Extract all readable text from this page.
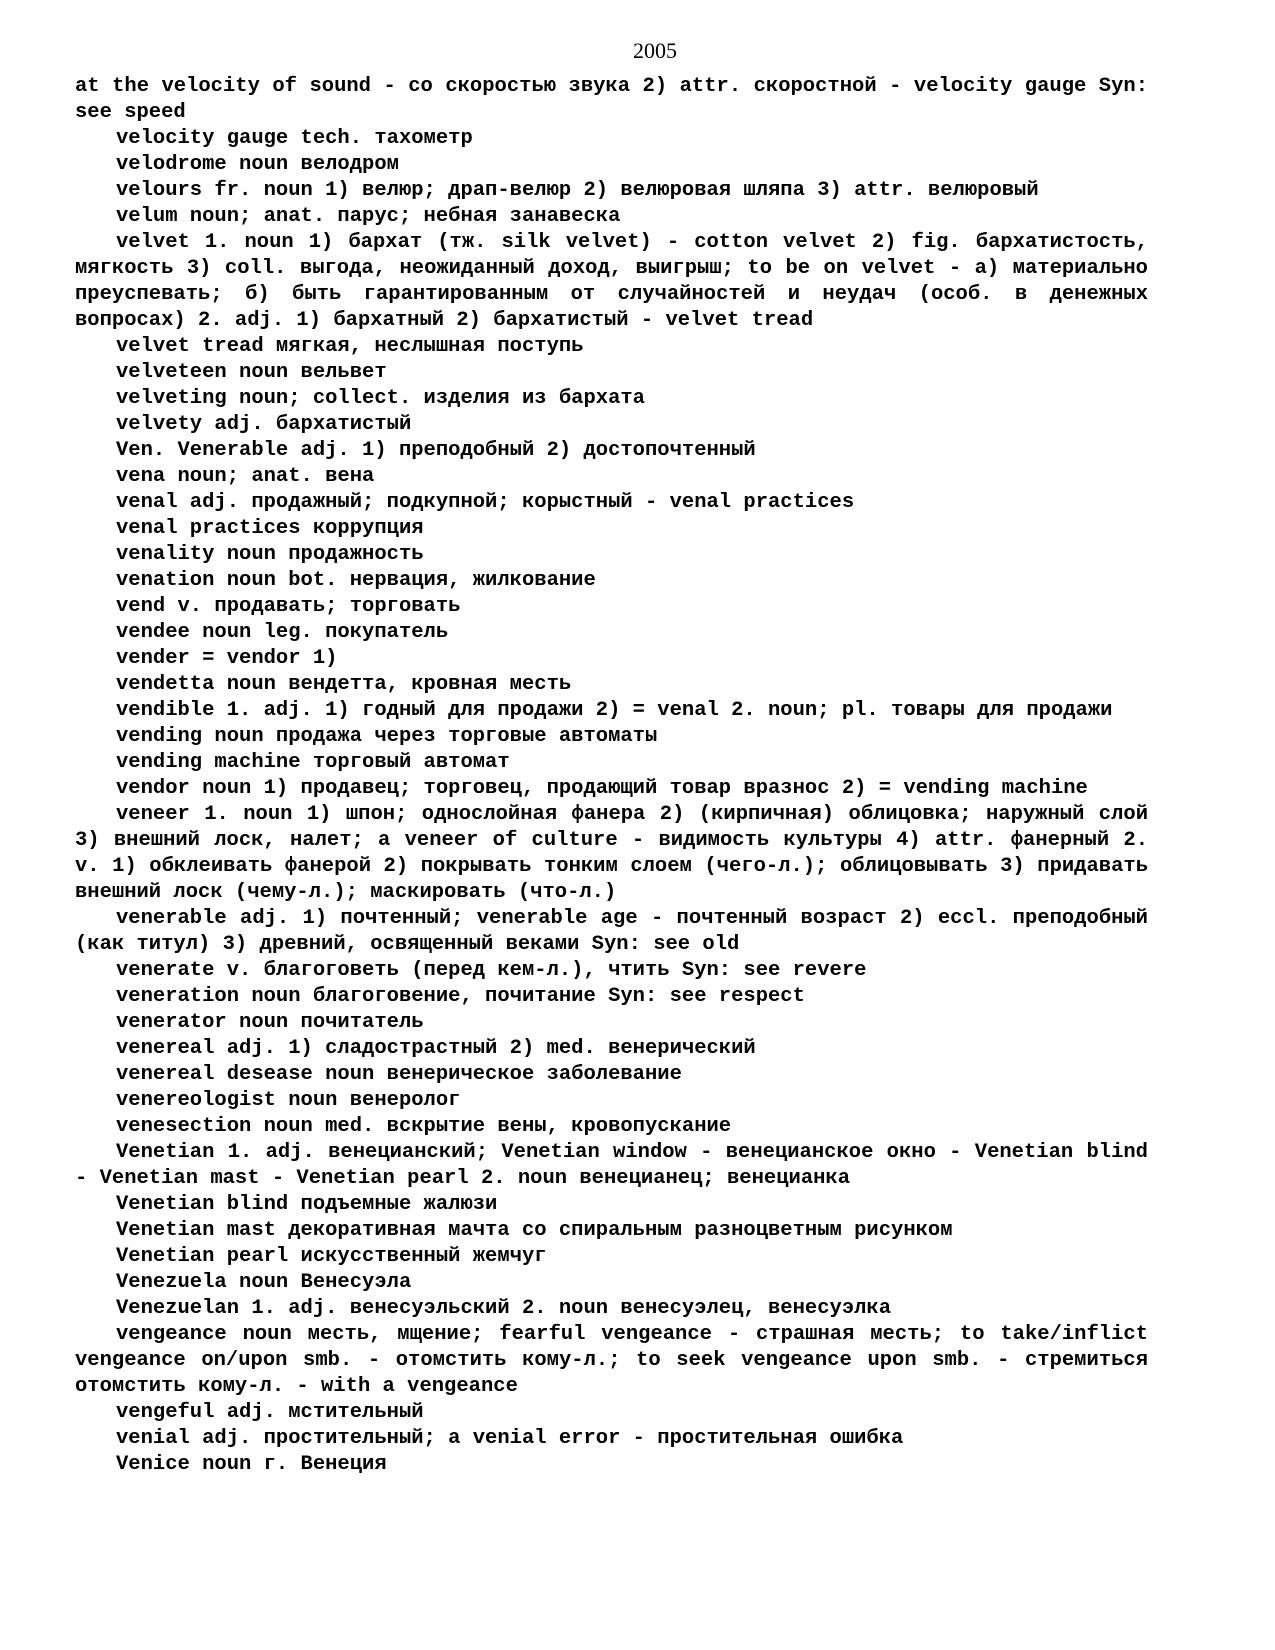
2005

at the velocity of sound - со скоростью звука 2) attr. скоростной - velocity gauge Syn: see speed

velocity gauge tech. тахометр

velodrome noun велодром

velours fr. noun 1) велюр; драп-велюр 2) велюровая шляпа 3) attr. велюровый

velum noun; anat. парус; небная занавеска

velvet 1. noun 1) бархат (тж. silk velvet) - cotton velvet 2) fig. бархатистость, мягкость 3) coll. выгода, неожиданный доход, выигрыш; to be on velvet - а) материально преуспевать; б) быть гарантированным от случайностей и неудач (особ. в денежных вопросах) 2. adj. 1) бархатный 2) бархатистый - velvet tread

velvet tread мягкая, неслышная поступь

velveteen noun вельвет

velveting noun; collect. изделия из бархата

velvety adj. бархатистый

Ven. Venerable adj. 1) преподобный 2) достопочтенный

vena noun; anat. вена

venal adj. продажный; подкупной; корыстный - venal practices

venal practices коррупция

venality noun продажность

venation noun bot. нервация, жилкование

vend v. продавать; торговать

vendee noun leg. покупатель

vender = vendor 1)

vendetta noun вендетта, кровная месть

vendible 1. adj. 1) годный для продажи 2) = venal 2. noun; pl. товары для продажи

vending noun продажа через торговые автоматы

vending machine торговый автомат

vendor noun 1) продавец; торговец, продающий товар вразнос 2) = vending machine

veneer 1. noun 1) шпон; однослойная фанера 2) (кирпичная) облицовка; наружный слой 3) внешний лоск, налет; a veneer of culture - видимость культуры 4) attr. фанерный 2. v. 1) обклеивать фанерой 2) покрывать тонким слоем (чего-л.); облицовывать 3) придавать внешний лоск (чему-л.); маскировать (что-л.)

venerable adj. 1) почтенный; venerable age - почтенный возраст 2) eccl. преподобный (как титул) 3) древний, освященный веками Syn: see old

venerate v. благоговеть (перед кем-л.), чтить Syn: see revere

veneration noun благоговение, почитание Syn: see respect

venerator noun почитатель

venereal adj. 1) сладострастный 2) med. венерический

venereal desease noun венерическое заболевание

venereologist noun венеролог

venesection noun med. вскрытие вены, кровопускание

Venetian 1. adj. венецианский; Venetian window - венецианское окно - Venetian blind - Venetian mast - Venetian pearl 2. noun венецианец; венецианка

Venetian blind подъемные жалюзи

Venetian mast декоративная мачта со спиральным разноцветным рисунком

Venetian pearl искусственный жемчуг

Venezuela noun Венесуэла

Venezuelan 1. adj. венесуэльский 2. noun венесуэлец, венесуэлка

vengeance noun месть, мщение; fearful vengeance - страшная месть; to take/inflict vengeance on/upon smb. - отомстить кому-л.; to seek vengeance upon smb. - стремиться отомстить кому-л. - with a vengeance

vengeful adj. мстительный

venial adj. простительный; a venial error - простительная ошибка

Venice noun г. Венеция
